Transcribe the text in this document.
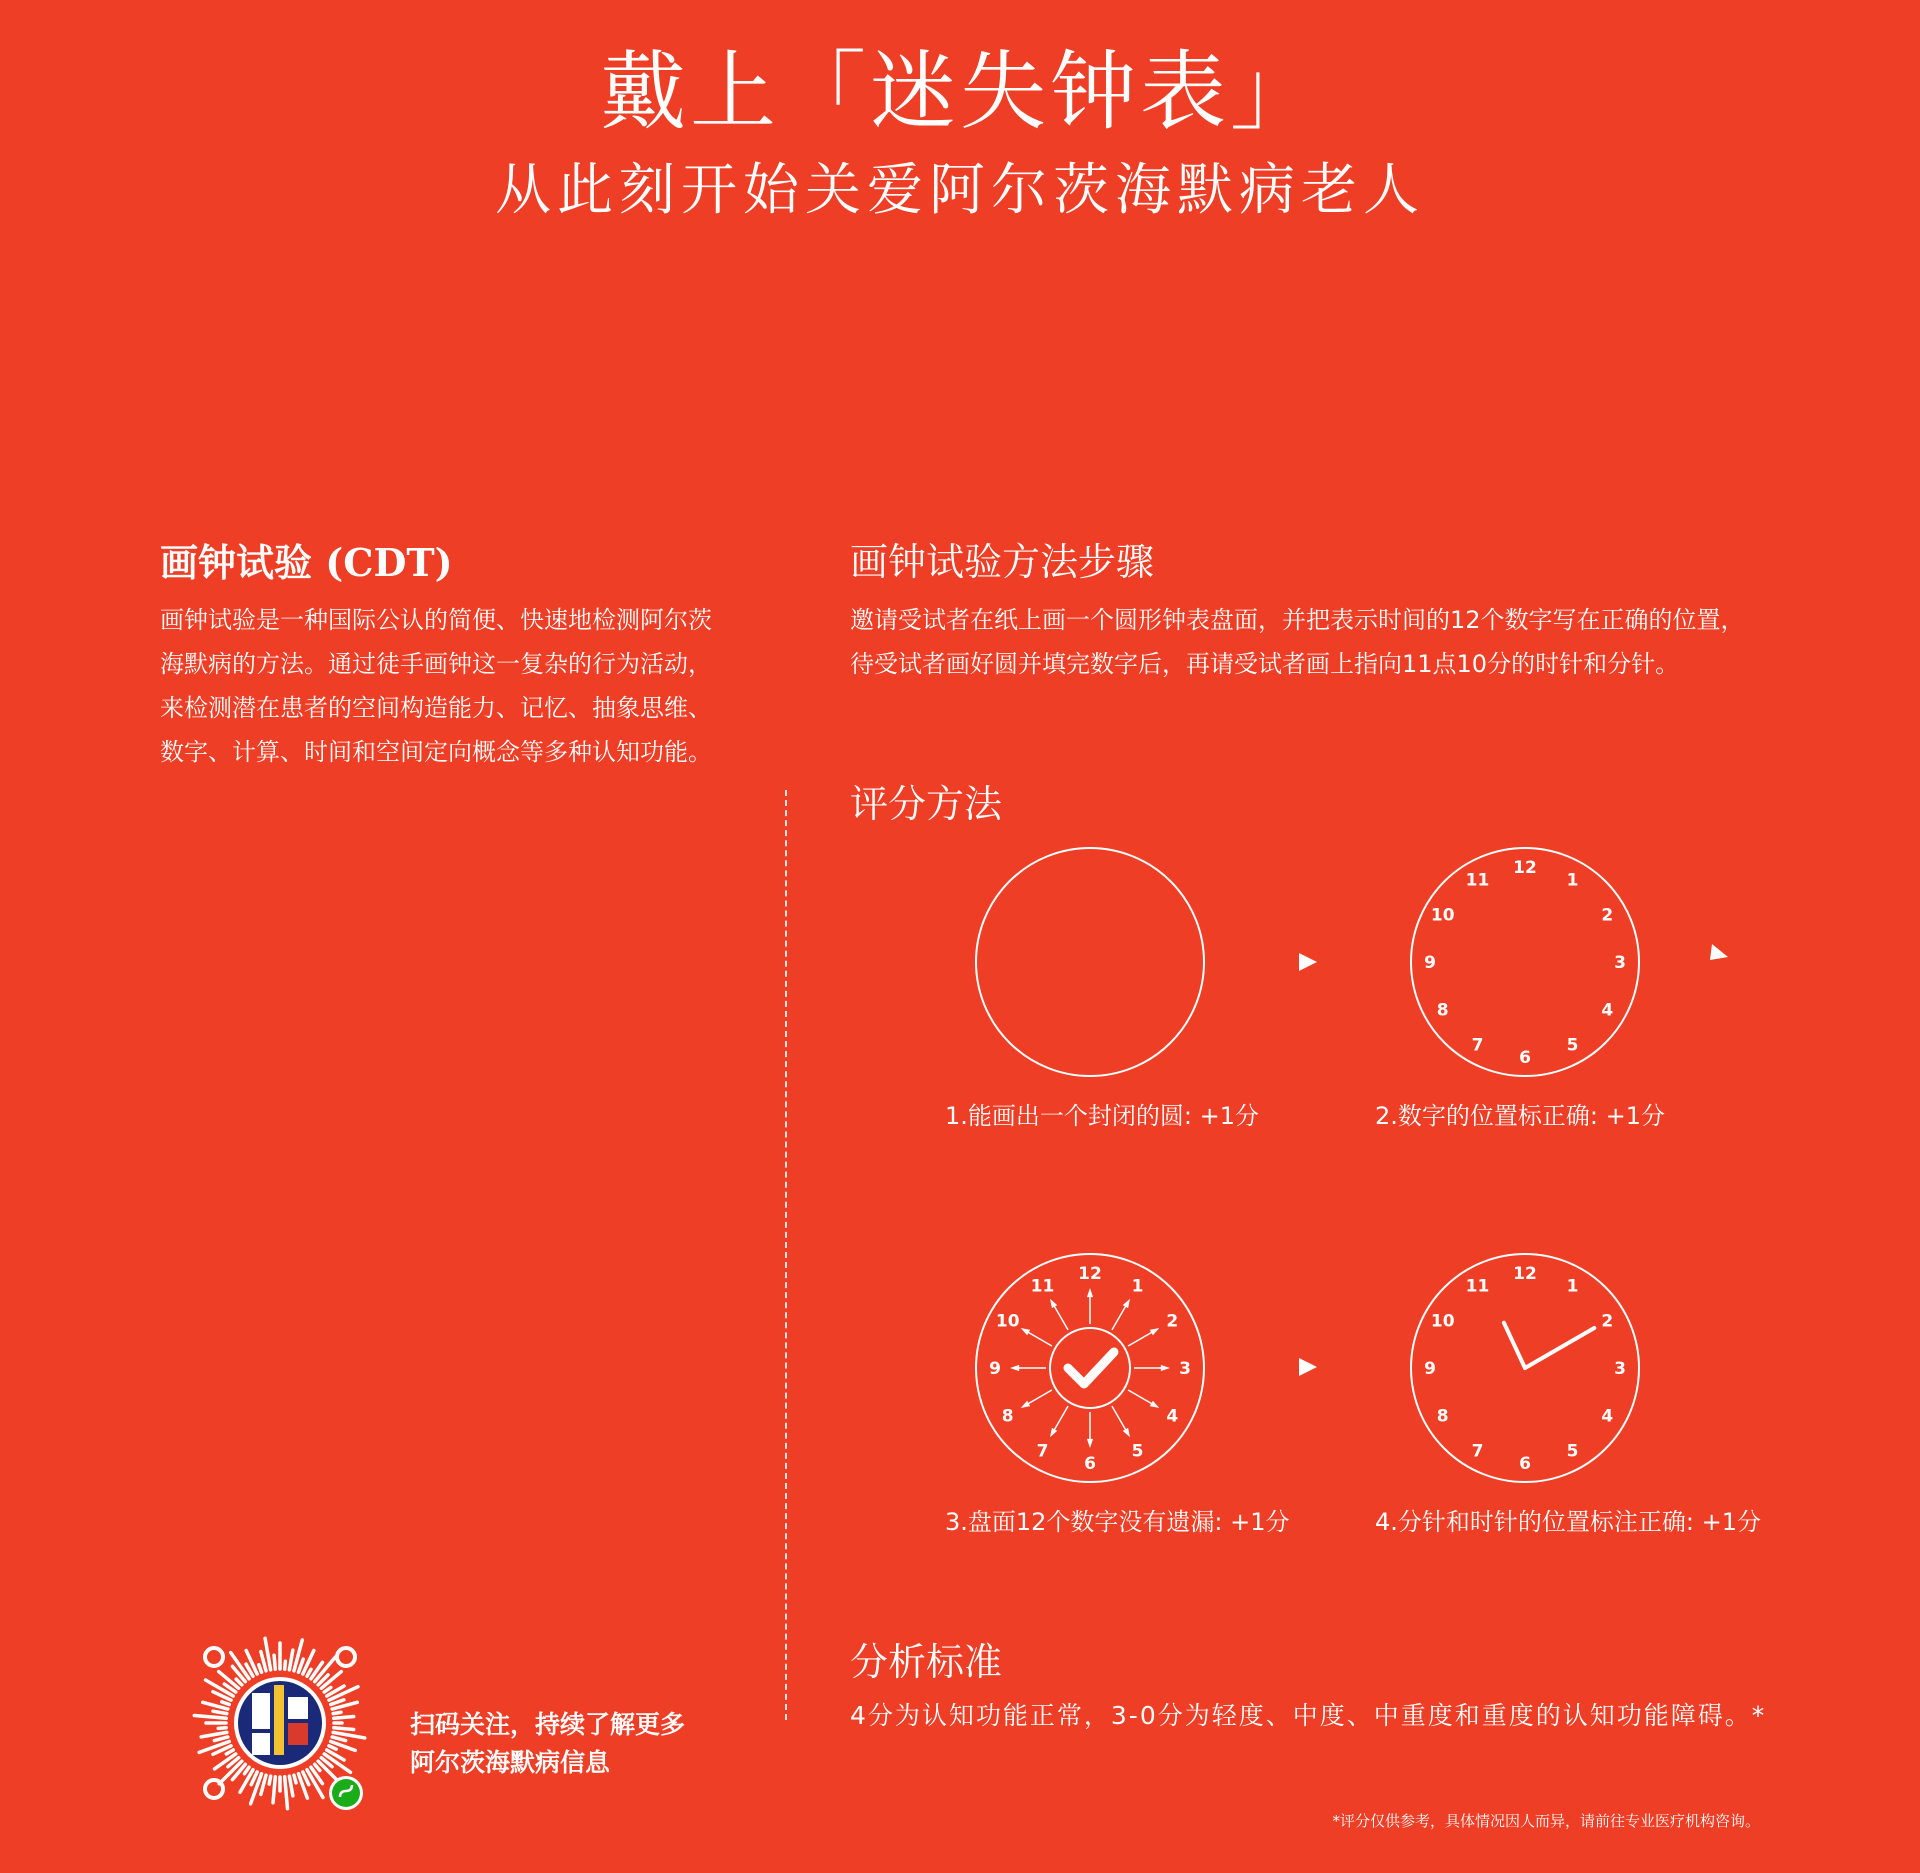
戴上「迷失钟表」

从此刻开始关爱阿尔茨海默病老人

画钟试验 (CDT)

画钟试验是一种国际公认的简便、快速地检测阿尔茨海默病的方法。通过徒手画钟这一复杂的行为活动，来检测潜在患者的空间构造能力、记忆、抽象思维、数字、计算、时间和空间定向概念等多种认知功能。

画钟试验方法步骤
邀请受试者在纸上画一个圆形钟表盘面，并把表示时间的12个数字写在正确的位置，
待受试者画好圆并填完数字后，再请受试者画上指向11点10分的时针和分针。
评分方法
12
1
2
3
4
5
6
7
8
9
10
11
12
1
2
3
4
5
6
7
8
9
10
11
12
1
2
3
4
5
6
7
8
9
10
11
1.能画出一个封闭的圆: +1分	2.数字的位置标正确: +1分
3.盘面12个数字没有遗漏: +1分	4.分针和时针的位置标注正确: +1分
分析标准

4分为认知功能正常，3-0分为轻度、中度、中重度和重度的认知功能障碍。*

扫码关注，持续了解更多
阿尔茨海默病信息

*评分仅供参考，具体情况因人而异，请前往专业医疗机构咨询。
